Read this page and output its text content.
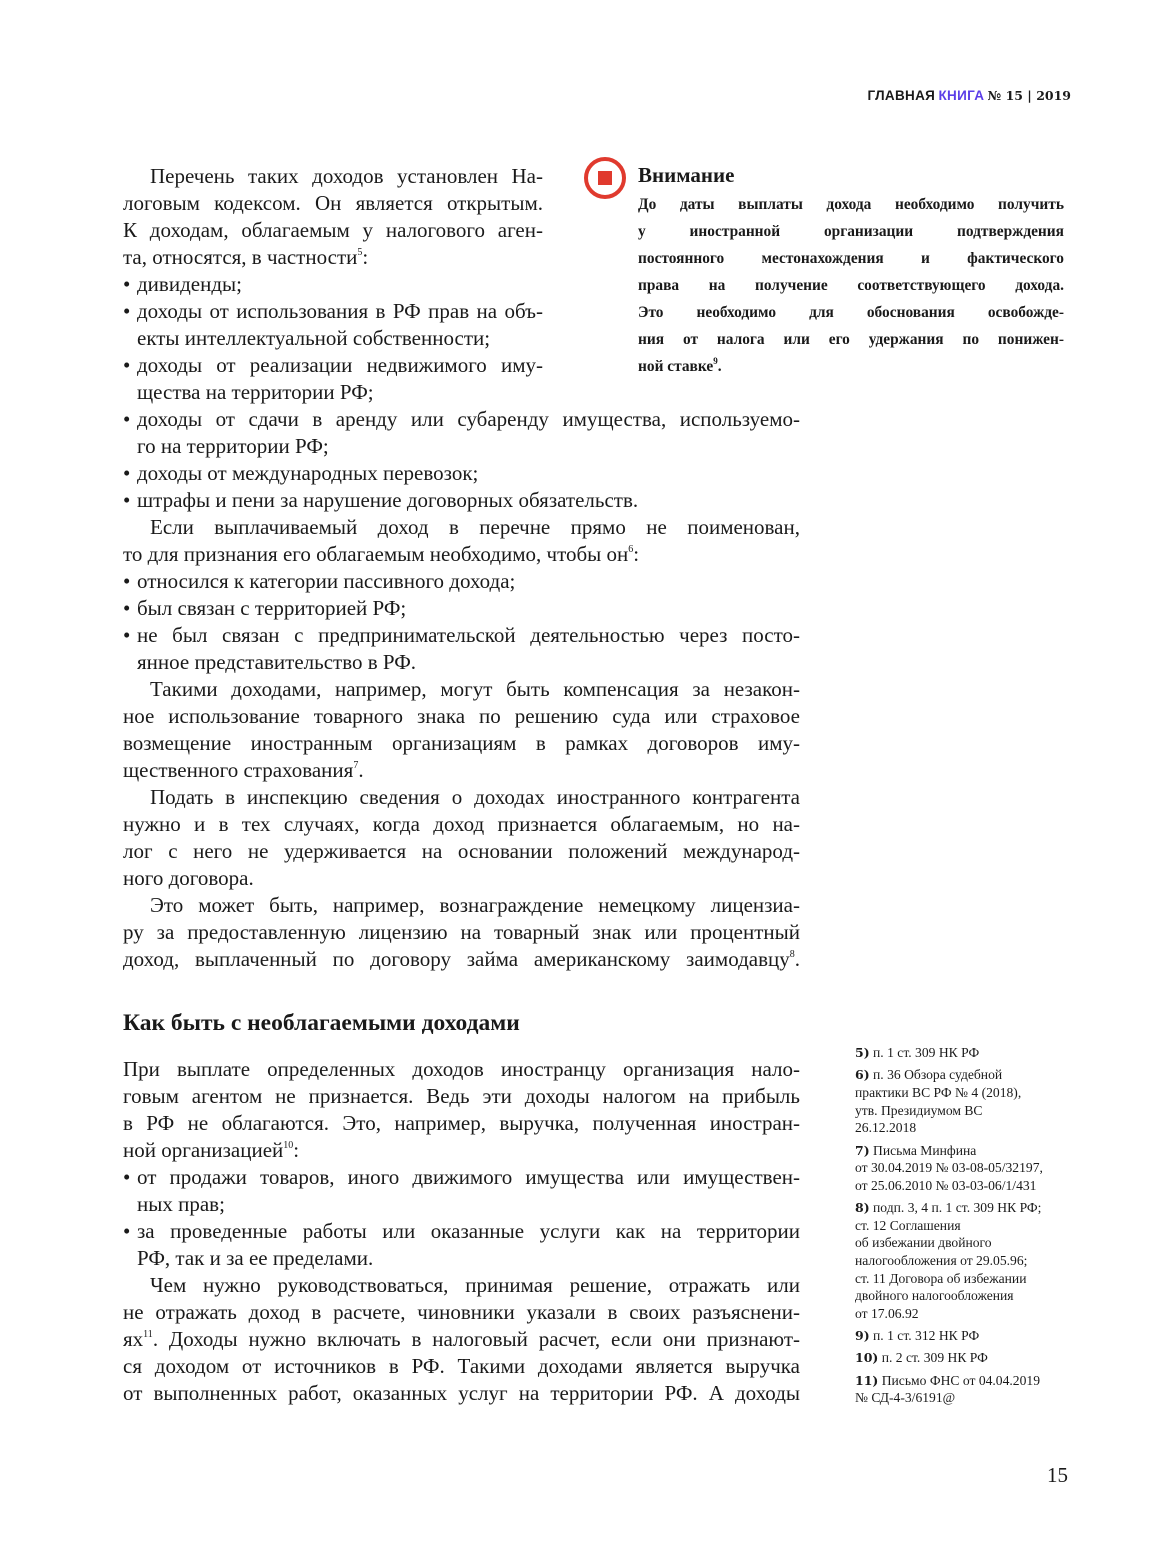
ГЛАВНАЯ КНИГА № 15 | 2019
Перечень таких доходов установлен На-
логовым кодексом. Он является открытым.
К доходам, облагаемым у налогового аген-
та, относятся, в частности$^5$:
• дивиденды;
• доходы от использования в РФ прав на объ-
екты интеллектуальной собственности;
• доходы от реализации недвижимого иму-
щества на территории РФ;
• доходы от сдачи в аренду или субаренду имущества, используемо-
го на территории РФ;
• доходы от международных перевозок;
• штрафы и пени за нарушение договорных обязательств.
Если выплачиваемый доход в перечне прямо не поименован,
то для признания его облагаемым необходимо, чтобы $он^6$:
• относился к категории пассивного дохода;
• был связан с территорией РФ;
• не был связан с предпринимательской деятельностью через посто-
янное представительство в РФ.
Такими доходами, например, могут быть компенсация за незакон-
ное использование товарного знака по решению суда или страховое
возмещение иностранным организациям в рамках договоров иму-
щественного страхования$^7$.
Подать в инспекцию сведения о доходах иностранного контрагента
нужно и в тех случаях, когда доход признается облагаемым, но на-
лог с него не удерживается на основании положений международ-
ного договора.
Это может быть, например, вознаграждение немецкому лицензиа-
ру за предоставленную лицензию на товарный знак или процентный
доход, выплаченный по договору займа американскому заимодавцу$^8$.
Внимание
До даты выплаты дохода необходимо получить
у иностранной организации подтверждения
постоянного местонахождения и фактического
права на получение соответствующего дохода.
Это необходимо для обоснования освобожде-
ния от налога или его удержания по понижен-
ной ставке$^9$.
Как быть с необлагаемыми доходами
При выплате определенных доходов иностранцу организация нало-
говым агентом не признается. Ведь эти доходы налогом на прибыль
в РФ не облагаются. Это, например, выручка, полученная иностран-
ной организацией$^{10}$:
• от продажи товаров, иного движимого имущества или имуществен-
ных прав;
• за проведенные работы или оказанные услуги как на территории
РФ, так и за ее пределами.
Чем нужно руководствоваться, принимая решение, отражать или
не отражать доход в расчете, чиновники указали в своих разъяснени-
$ях^{11}$. Доходы нужно включать в налоговый расчет, если они признают-
ся доходом от источников в РФ. Такими доходами является выручка
от выполненных работ, оказанных услуг на территории РФ. А доходы
5) п. 1 ст. 309 НК РФ
6) п. 36 Обзора судебной
практики ВС РФ № 4 (2018),
утв. Президиумом ВС
26.12.2018
7) Письма Минфина
от 30.04.2019 № 03-08-05/32197,
от 25.06.2010 № 03-03-06/1/431
8) подп. 3, 4 п. 1 ст. 309 НК РФ;
ст. 12 Соглашения
об избежании двойного
налогообложения от 29.05.96;
ст. 11 Договора об избежании
двойного налогообложения
от 17.06.92
9) п. 1 ст. 312 НК РФ
10) п. 2 ст. 309 НК РФ
11) Письмо ФНС от 04.04.2019
№ СД-4-3/6191@
15
